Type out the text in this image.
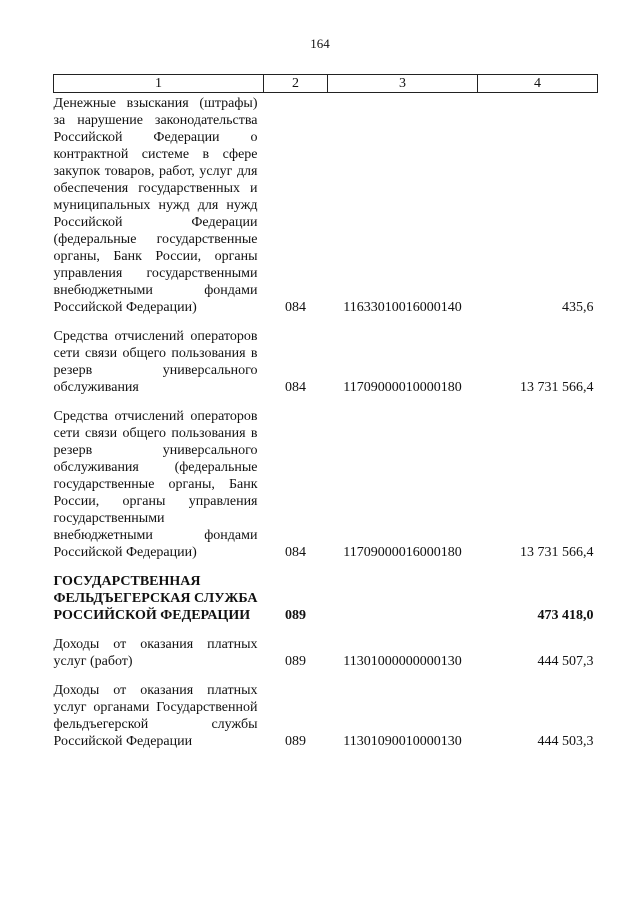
164
1	2	3	4
Денежные взыскания (штрафы) за нарушение законодательства Российской Федерации о контрактной системе в сфере закупок товаров, работ, услуг для обеспечения государственных и муниципальных нужд для нужд Российской Федерации (федеральные государственные органы, Банк России, органы управления государственными внебюджетными фондами Российской Федерации)	084	11633010016000140	435,6
Средства отчислений операторов сети связи общего пользования в резерв универсального обслуживания	084	11709000010000180	13 731 566,4
Средства отчислений операторов сети связи общего пользования в резерв универсального обслуживания (федеральные государственные органы, Банк России, органы управления государственными внебюджетными фондами Российской Федерации)	084	11709000016000180	13 731 566,4
ГОСУДАРСТВЕННАЯ ФЕЛЬДЪЕГЕРСКАЯ СЛУЖБА РОССИЙСКОЙ ФЕДЕРАЦИИ	089		473 418,0
Доходы от оказания платных услуг (работ)	089	11301000000000130	444 507,3
Доходы от оказания платных услуг органами Государственной фельдъегерской службы Российской Федерации	089	11301090010000130	444 503,3
